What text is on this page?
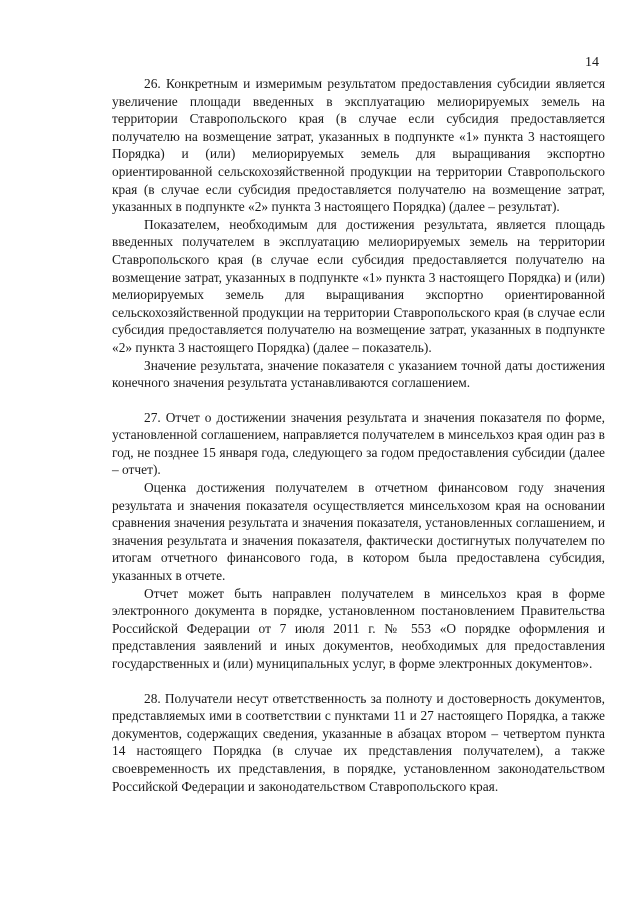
14

26. Конкретным и измеримым результатом предоставления субсидии является увеличение площади введенных в эксплуатацию мелиорируемых земель на территории Ставропольского края (в случае если субсидия предоставляется получателю на возмещение затрат, указанных в подпункте «1» пункта 3 настоящего Порядка) и (или) мелиорируемых земель для выращивания экспортно ориентированной сельскохозяйственной продукции на территории Ставропольского края (в случае если субсидия предоставляется получателю на возмещение затрат, указанных в подпункте «2» пункта 3 настоящего Порядка) (далее – результат).

Показателем, необходимым для достижения результата, является площадь введенных получателем в эксплуатацию мелиорируемых земель на территории Ставропольского края (в случае если субсидия предоставляется получателю на возмещение затрат, указанных в подпункте «1» пункта 3 настоящего Порядка) и (или) мелиорируемых земель для выращивания экспортно ориентированной сельскохозяйственной продукции на территории Ставропольского края (в случае если субсидия предоставляется получателю на возмещение затрат, указанных в подпункте «2» пункта 3 настоящего Порядка) (далее – показатель).

Значение результата, значение показателя с указанием точной даты достижения конечного значения результата устанавливаются соглашением.

27. Отчет о достижении значения результата и значения показателя по форме, установленной соглашением, направляется получателем в минсельхоз края один раз в год, не позднее 15 января года, следующего за годом предоставления субсидии (далее – отчет).

Оценка достижения получателем в отчетном финансовом году значения результата и значения показателя осуществляется минсельхозом края на основании сравнения значения результата и значения показателя, установленных соглашением, и значения результата и значения показателя, фактически достигнутых получателем по итогам отчетного финансового года, в котором была предоставлена субсидия, указанных в отчете.

Отчет может быть направлен получателем в минсельхоз края в форме электронного документа в порядке, установленном постановлением Правительства Российской Федерации от 7 июля 2011 г. № 553 «О порядке оформления и представления заявлений и иных документов, необходимых для предоставления государственных и (или) муниципальных услуг, в форме электронных документов».

28. Получатели несут ответственность за полноту и достоверность документов, представляемых ими в соответствии с пунктами 11 и 27 настоящего Порядка, а также документов, содержащих сведения, указанные в абзацах втором – четвертом пункта 14 настоящего Порядка (в случае их представления получателем), а также своевременность их представления, в порядке, установленном законодательством Российской Федерации и законодательством Ставропольского края.
